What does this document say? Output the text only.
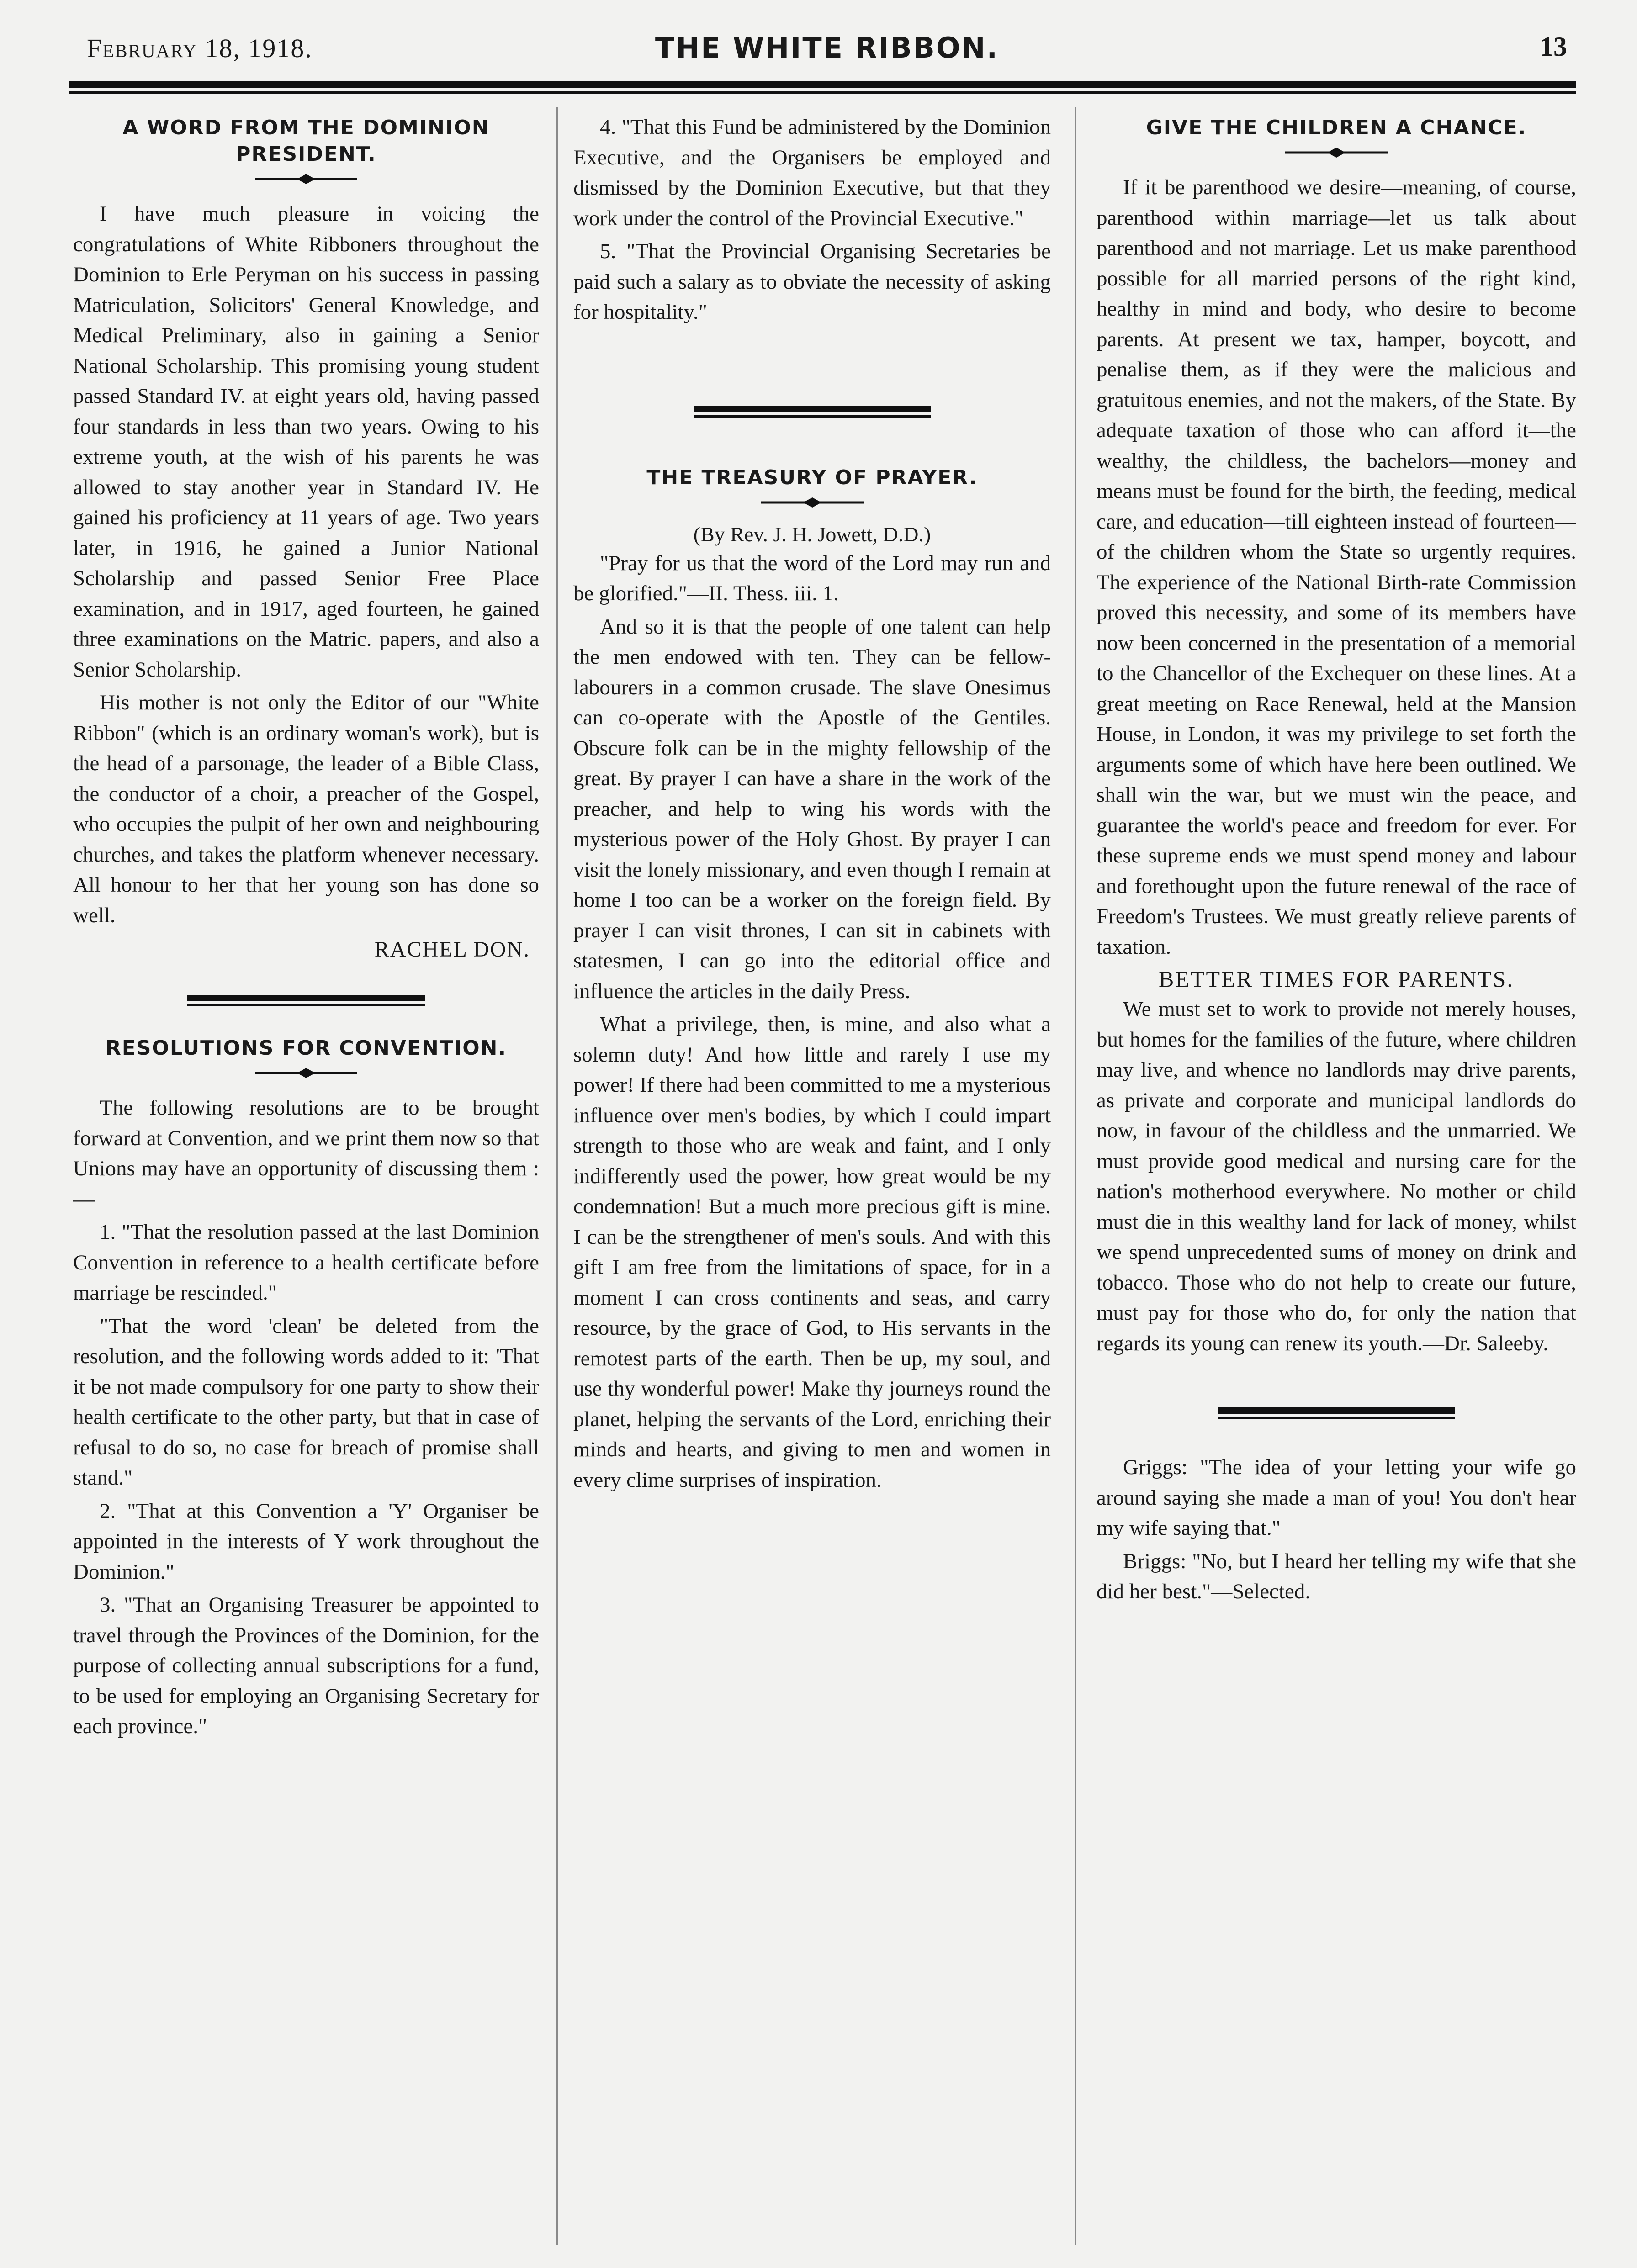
February 18, 1918.	THE WHITE RIBBON.	13
A WORD FROM THE DOMINION PRESIDENT.

I have much pleasure in voicing the congratulations of White Ribboners throughout the Dominion to Erle Peryman on his success in passing Matriculation, Solicitors' General Knowledge, and Medical Preliminary, also in gaining a Senior National Scholarship. This promising young student passed Standard IV. at eight years old, having passed four standards in less than two years. Owing to his extreme youth, at the wish of his parents he was allowed to stay another year in Standard IV. He gained his proficiency at 11 years of age. Two years later, in 1916, he gained a Junior National Scholarship and passed Senior Free Place examination, and in 1917, aged fourteen, he gained three examinations on the Matric. papers, and also a Senior Scholarship.

His mother is not only the Editor of our "White Ribbon" (which is an ordinary woman's work), but is the head of a parsonage, the leader of a Bible Class, the conductor of a choir, a preacher of the Gospel, who occupies the pulpit of her own and neighbouring churches, and takes the platform whenever necessary. All honour to her that her young son has done so well.

RACHEL DON.
RESOLUTIONS FOR CONVENTION.

The following resolutions are to be brought forward at Convention, and we print them now so that Unions may have an opportunity of discussing them :—

1. "That the resolution passed at the last Dominion Convention in reference to a health certificate before marriage be rescinded."

"That the word 'clean' be deleted from the resolution, and the following words added to it: 'That it be not made compulsory for one party to show their health certificate to the other party, but that in case of refusal to do so, no case for breach of promise shall stand."

2. "That at this Convention a 'Y' Organiser be appointed in the interests of Y work throughout the Dominion."

3. "That an Organising Treasurer be appointed to travel through the Provinces of the Dominion, for the purpose of collecting annual subscriptions for a fund, to be used for employing an Organising Secretary for each province."

4. "That this Fund be administered by the Dominion Executive, and the Organisers be employed and dismissed by the Dominion Executive, but that they work under the control of the Provincial Executive."

5. "That the Provincial Organising Secretaries be paid such a salary as to obviate the necessity of asking for hospitality."

THE TREASURY OF PRAYER.
(By Rev. J. H. Jowett, D.D.)

"Pray for us that the word of the Lord may run and be glorified."—II. Thess. iii. 1.

And so it is that the people of one talent can help the men endowed with ten. They can be fellow-labourers in a common crusade. The slave Onesimus can co-operate with the Apostle of the Gentiles. Obscure folk can be in the mighty fellowship of the great. By prayer I can have a share in the work of the preacher, and help to wing his words with the mysterious power of the Holy Ghost. By prayer I can visit the lonely missionary, and even though I remain at home I too can be a worker on the foreign field. By prayer I can visit thrones, I can sit in cabinets with statesmen, I can go into the editorial office and influence the articles in the daily Press.

What a privilege, then, is mine, and also what a solemn duty! And how little and rarely I use my power! If there had been committed to me a mysterious influence over men's bodies, by which I could impart strength to those who are weak and faint, and I only indifferently used the power, how great would be my condemnation! But a much more precious gift is mine. I can be the strengthener of men's souls. And with this gift I am free from the limitations of space, for in a moment I can cross continents and seas, and carry resource, by the grace of God, to His servants in the remotest parts of the earth. Then be up, my soul, and use thy wonderful power! Make thy journeys round the planet, helping the servants of the Lord, enriching their minds and hearts, and giving to men and women in every clime surprises of inspiration.

GIVE THE CHILDREN A CHANCE.

If it be parenthood we desire—meaning, of course, parenthood within marriage—let us talk about parenthood and not marriage. Let us make parenthood possible for all married persons of the right kind, healthy in mind and body, who desire to become parents. At present we tax, hamper, boycott, and penalise them, as if they were the malicious and gratuitous enemies, and not the makers, of the State. By adequate taxation of those who can afford it—the wealthy, the childless, the bachelors—money and means must be found for the birth, the feeding, medical care, and education—till eighteen instead of fourteen—of the children whom the State so urgently requires. The experience of the National Birth-rate Commission proved this necessity, and some of its members have now been concerned in the presentation of a memorial to the Chancellor of the Exchequer on these lines. At a great meeting on Race Renewal, held at the Mansion House, in London, it was my privilege to set forth the arguments some of which have here been outlined. We shall win the war, but we must win the peace, and guarantee the world's peace and freedom for ever. For these supreme ends we must spend money and labour and forethought upon the future renewal of the race of Freedom's Trustees. We must greatly relieve parents of taxation.

BETTER TIMES FOR PARENTS.

We must set to work to provide not merely houses, but homes for the families of the future, where children may live, and whence no landlords may drive parents, as private and corporate and municipal landlords do now, in favour of the childless and the unmarried. We must provide good medical and nursing care for the nation's motherhood everywhere. No mother or child must die in this wealthy land for lack of money, whilst we spend unprecedented sums of money on drink and tobacco. Those who do not help to create our future, must pay for those who do, for only the nation that regards its young can renew its youth.—Dr. Saleeby.

Griggs: "The idea of your letting your wife go around saying she made a man of you! You don't hear my wife saying that."

Briggs: "No, but I heard her telling my wife that she did her best."—Selected.
